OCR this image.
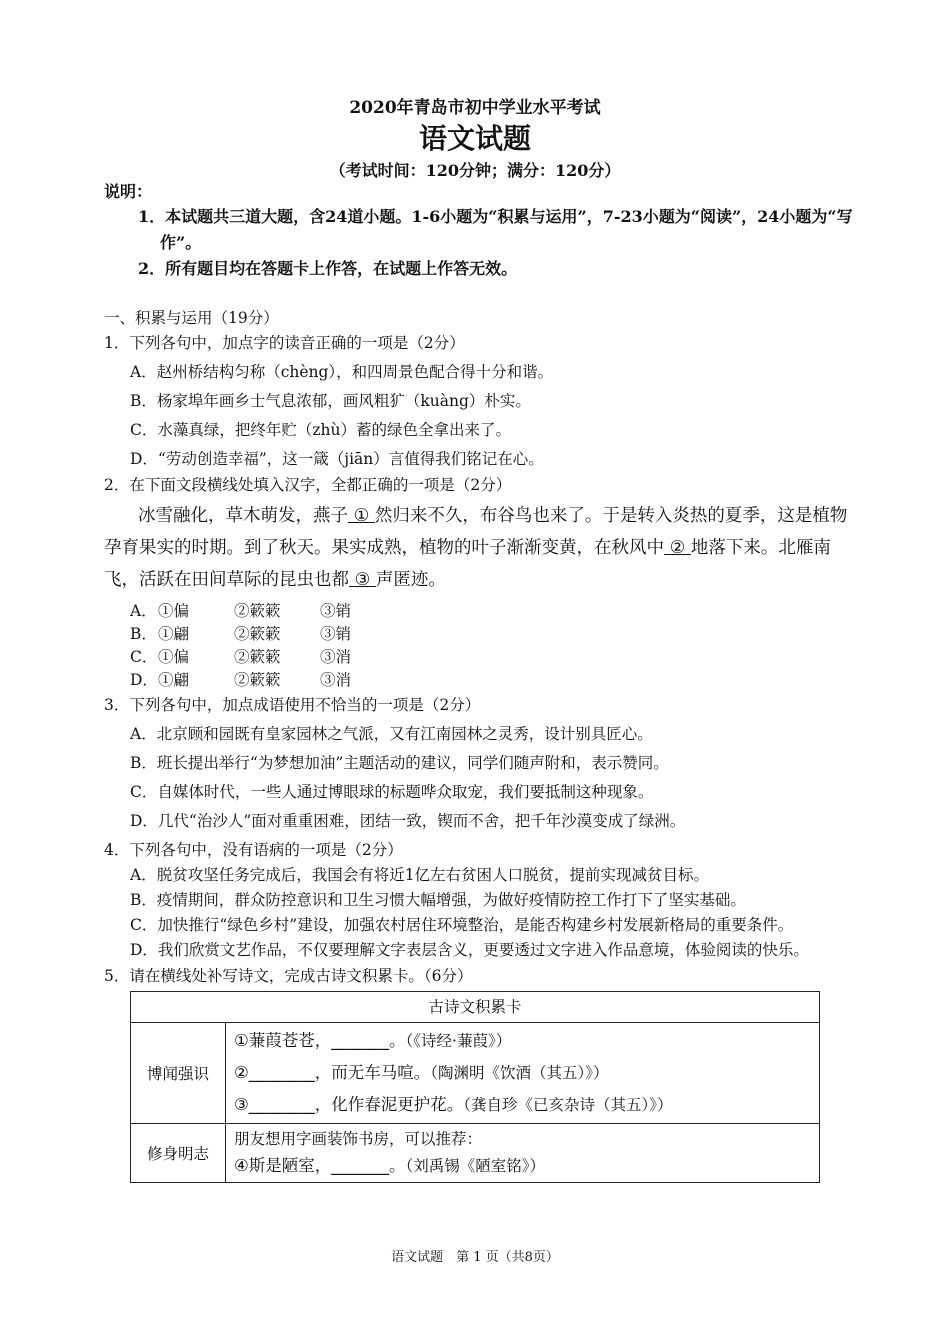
2020年青岛市初中学业水平考试
语文试题
（考试时间：120分钟；满分：120分）
说明：
1．本试题共三道大题，含24道小题。1-6小题为“积累与运用”，7-23小题为“阅读”，24小题为“写作”。
2．所有题目均在答题卡上作答，在试题上作答无效。
一、积累与运用（19分）
1．下列各句中，加点字的读音正确的一项是（2分）
A．赵州桥结构匀称（chèng），和四周景色配合得十分和谐。
B．杨家埠年画乡士气息浓郁，画风粗犷（kuàng）朴实。
C．水藻真绿，把终年贮（zhù）蓄的绿色全拿出来了。
D．“劳动创造幸福”，这一箴（jiān）言值得我们铭记在心。
2．在下面文段横线处填入汉字，全都正确的一项是（2分）
冰雪融化，草木萌发，燕子 ① 然归来不久，布谷鸟也来了。于是转入炎热的夏季，这是植物孕育果实的时期。到了秋天。果实成熟，植物的叶子渐渐变黄，在秋风中 ② 地落下来。北雁南飞，活跃在田间草际的昆虫也都 ③ 声匿迹。
A． ①偏	②簌簌	③销
B． ①翩	②簌簌	③销
C． ①偏	②簌簌	③消
D． ①翩	②簌簌	③消
3．下列各句中，加点成语使用不恰当的一项是（2分）
A．北京顾和园既有皇家园林之气派，又有江南园林之灵秀，设计别具匠心。
B．班长提出举行“为梦想加油”主题活动的建议，同学们随声附和，表示赞同。
C．自媒体时代，一些人通过博眼球的标题哗众取宠，我们要抵制这种现象。
D．几代“治沙人”面对重重困难，团结一致，锲而不舍，把千年沙漠变成了绿洲。
4．下列各句中，没有语病的一项是（2分）
A．脱贫攻坚任务完成后，我国会有将近1亿左右贫困人口脱贫，提前实现减贫目标。
B．疫情期间，群众防控意识和卫生习惯大幅增强，为做好疫情防控工作打下了坚实基础。
C．加快推行“绿色乡村”建设，加强农村居住环境整治，是能否构建乡村发展新格局的重要条件。
D．我们欣赏文艺作品，不仅要理解文字表层含义，更要透过文字进入作品意境，体验阅读的快乐。
5．请在横线处补写诗文，完成古诗文积累卡。（6分）
古诗文积累卡	
博闻强识	①蒹葭苍苍，_______。（《诗经·蒹葭》）
②________，而无车马喧。（陶渊明《饮酒（其五）》）
③________，化作春泥更护花。（龚自珍《已亥杂诗（其五）》）

修身明志	朋友想用字画装饰书房，可以推荐：
④斯是陋室，_______。（刘禹锡《陋室铭》）
语文试题　第 1 页（共8页）
